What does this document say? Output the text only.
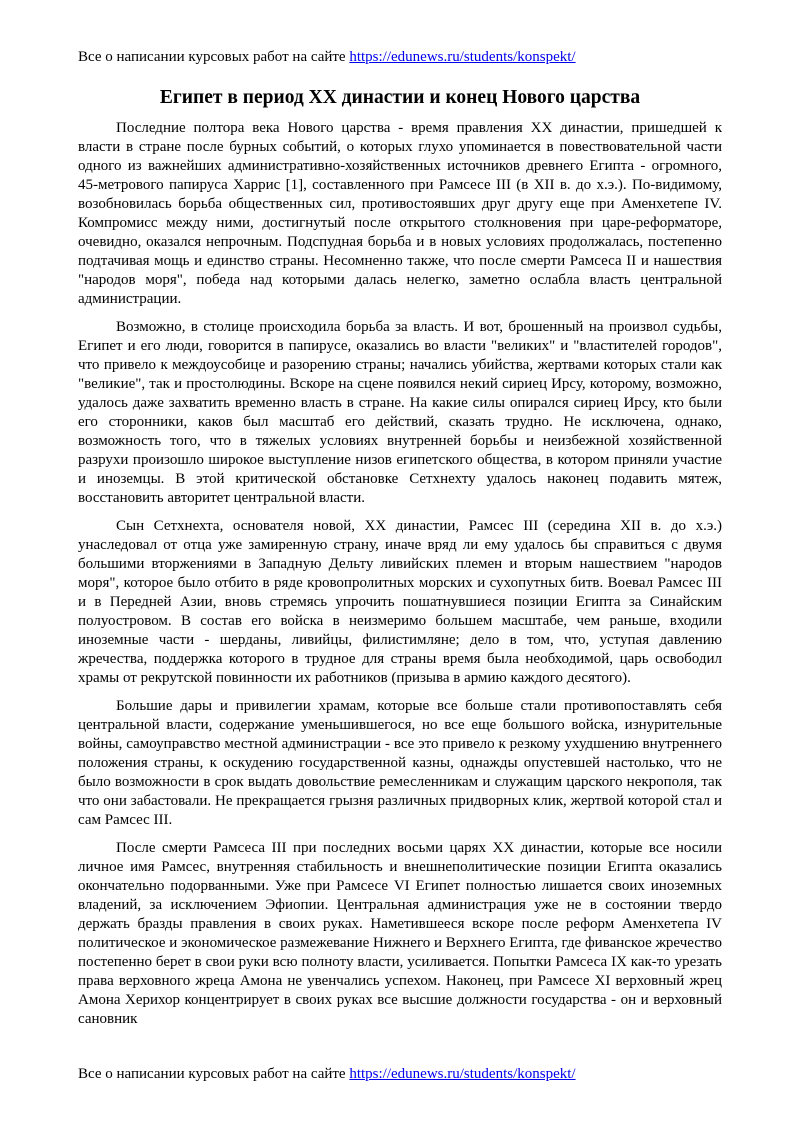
Все о написании курсовых работ на сайте https://edunews.ru/students/konspekt/
Египет в период XX династии и конец Нового царства

Последние полтора века Нового царства - время правления XX династии, пришедшей к власти в стране после бурных событий, о которых глухо упоминается в повествовательной части одного из важнейших административно-хозяйственных источников древнего Египта - огромного, 45-метрового папируса Харрис [1], составленного при Рамсесе III (в XII в. до х.э.). По-видимому, возобновилась борьба общественных сил, противостоявших друг другу еще при Аменхетепе IV. Компромисс между ними, достигнутый после открытого столкновения при царе-реформаторе, очевидно, оказался непрочным. Подспудная борьба и в новых условиях продолжалась, постепенно подтачивая мощь и единство страны. Несомненно также, что после смерти Рамсеса II и нашествия "народов моря", победа над которыми далась нелегко, заметно ослабла власть центральной администрации.

Возможно, в столице происходила борьба за власть. И вот, брошенный на произвол судьбы, Египет и его люди, говорится в папирусе, оказались во власти "великих" и "властителей городов", что привело к междоусобице и разорению страны; начались убийства, жертвами которых стали как "великие", так и простолюдины. Вскоре на сцене появился некий сириец Ирсу, которому, возможно, удалось даже захватить временно власть в стране. На какие силы опирался сириец Ирсу, кто были его сторонники, каков был масштаб его действий, сказать трудно. Не исключена, однако, возможность того, что в тяжелых условиях внутренней борьбы и неизбежной хозяйственной разрухи произошло широкое выступление низов египетского общества, в котором приняли участие и иноземцы. В этой критической обстановке Сетхнехту удалось наконец подавить мятеж, восстановить авторитет центральной власти.

Сын Сетхнехта, основателя новой, XX династии, Рамсес III (середина XII в. до х.э.) унаследовал от отца уже замиренную страну, иначе вряд ли ему удалось бы справиться с двумя большими вторжениями в Западную Дельту ливийских племен и вторым нашествием "народов моря", которое было отбито в ряде кровопролитных морских и сухопутных битв. Воевал Рамсес III и в Передней Азии, вновь стремясь упрочить пошатнувшиеся позиции Египта за Синайским полуостровом. В состав его войска в неизмеримо большем масштабе, чем раньше, входили иноземные части - шерданы, ливийцы, филистимляне; дело в том, что, уступая давлению жречества, поддержка которого в трудное для страны время была необходимой, царь освободил храмы от рекрутской повинности их работников (призыва в армию каждого десятого).

Большие дары и привилегии храмам, которые все больше стали противопоставлять себя центральной власти, содержание уменьшившегося, но все еще большого войска, изнурительные войны, самоуправство местной администрации - все это привело к резкому ухудшению внутреннего положения страны, к оскудению государственной казны, однажды опустевшей настолько, что не было возможности в срок выдать довольствие ремесленникам и служащим царского некрополя, так что они забастовали. Не прекращается грызня различных придворных клик, жертвой которой стал и сам Рамсес III.

После смерти Рамсеса III при последних восьми царях XX династии, которые все носили личное имя Рамсес, внутренняя стабильность и внешнеполитические позиции Египта оказались окончательно подорванными. Уже при Рамсесе VI Египет полностью лишается своих иноземных владений, за исключением Эфиопии. Центральная администрация уже не в состоянии твердо держать бразды правления в своих руках. Наметившееся вскоре после реформ Аменхетепа IV политическое и экономическое размежевание Нижнего и Верхнего Египта, где фиванское жречество постепенно берет в свои руки всю полноту власти, усиливается. Попытки Рамсеса IX как-то урезать права верховного жреца Амона не увенчались успехом. Наконец, при Рамсесе XI верховный жрец Амона Херихор концентрирует в своих руках все высшие должности государства - он и верховный сановник

Все о написании курсовых работ на сайте https://edunews.ru/students/konspekt/
